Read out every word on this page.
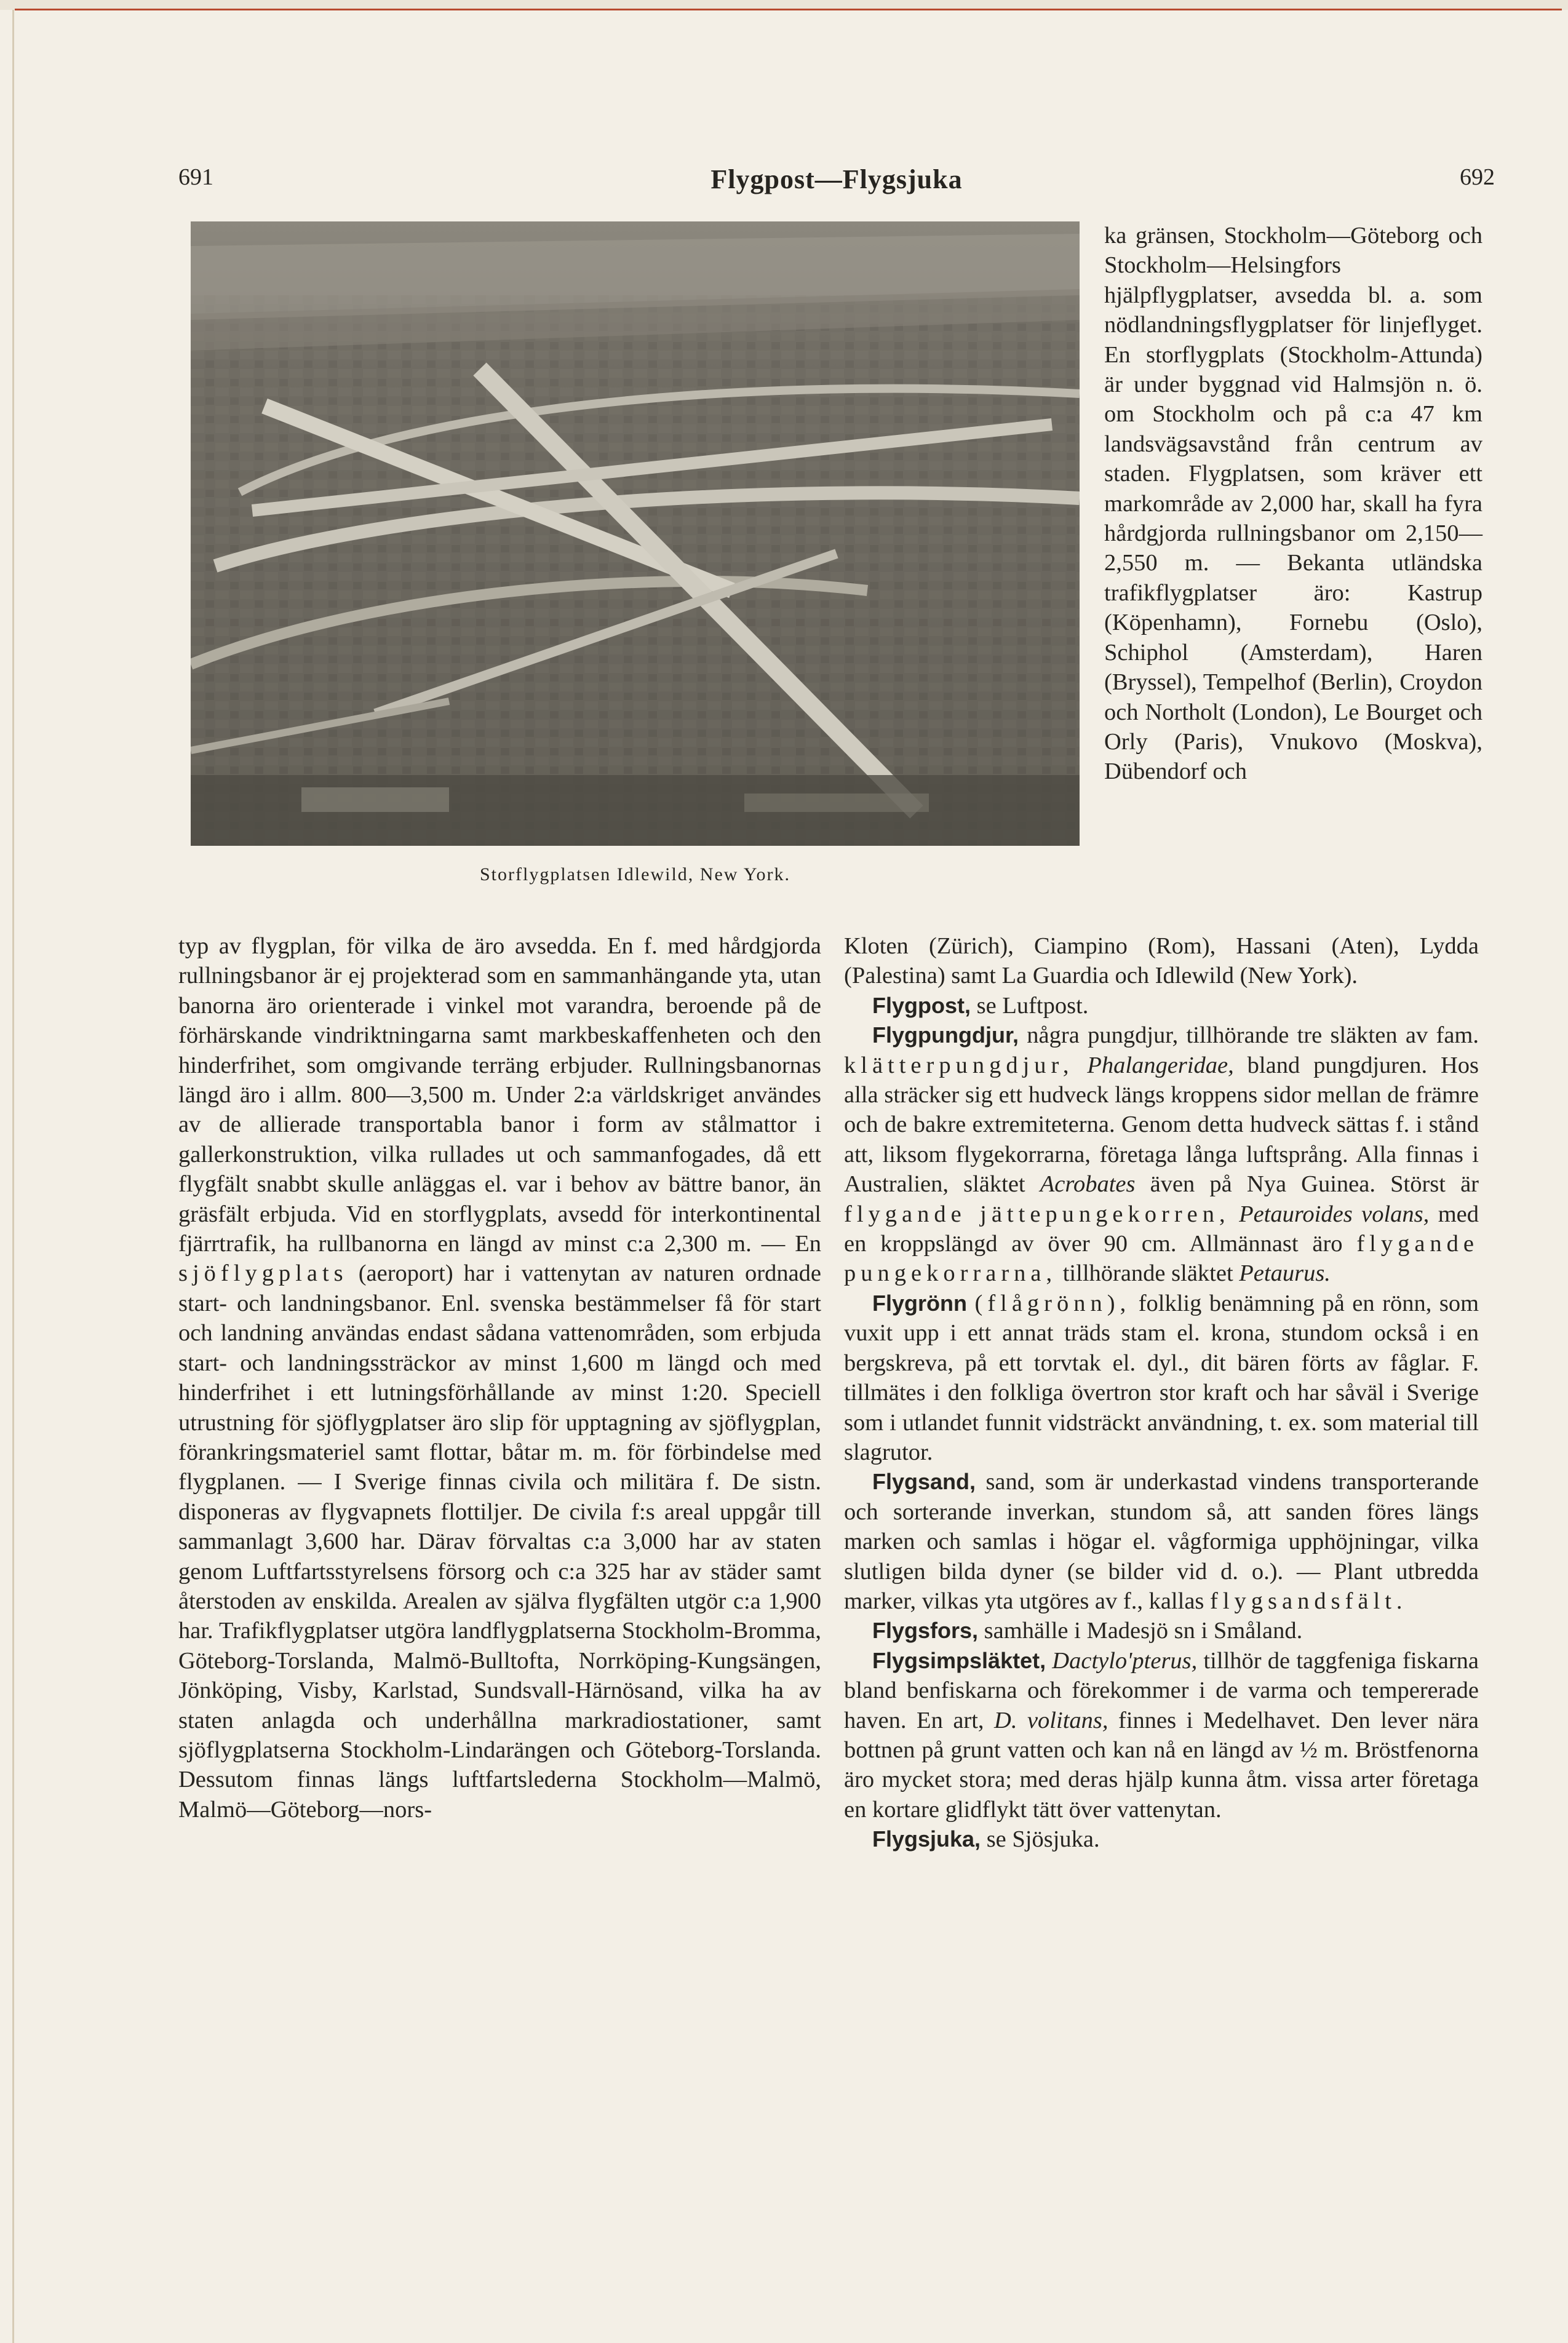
691	Flygpost—Flygsjuka	692
Storflygplatsen Idlewild, New York.

ka gränsen, Stockholm—Göteborg och Stockholm—Helsingfors hjälpflygplatser, avsedda bl. a. som nödlandningsflygplatser för linjeflyget. En storflygplats (Stockholm-Attunda) är under byggnad vid Halmsjön n. ö. om Stockholm och på c:a 47 km landsvägsavstånd från centrum av staden. Flygplatsen, som kräver ett markområde av 2,000 har, skall ha fyra hårdgjorda rullningsbanor om 2,150—2,550 m. — Bekanta utländska trafikflygplatser äro: Kastrup (Köpenhamn), Fornebu (Oslo), Schiphol (Amsterdam), Haren (Bryssel), Tempelhof (Berlin), Croydon och Northolt (London), Le Bourget och Orly (Paris), Vnukovo (Moskva), Dübendorf och

typ av flygplan, för vilka de äro avsedda. En f. med hårdgjorda rullningsbanor är ej projekterad som en sammanhängande yta, utan banorna äro orienterade i vinkel mot varandra, beroende på de förhärskande vindriktningarna samt markbeskaffenheten och den hinderfrihet, som omgivande terräng erbjuder. Rullningsbanornas längd äro i allm. 800—3,500 m. Under 2:a världskriget användes av de allierade transportabla banor i form av stålmattor i gallerkonstruktion, vilka rullades ut och sammanfogades, då ett flygfält snabbt skulle anläggas el. var i behov av bättre banor, än gräsfält erbjuda. Vid en storflygplats, avsedd för interkontinental fjärrtrafik, ha rullbanorna en längd av minst c:a 2,300 m. — En sjöflygplats (aeroport) har i vattenytan av naturen ordnade start- och landningsbanor. Enl. svenska bestämmelser få för start och landning användas endast sådana vattenområden, som erbjuda start- och landningssträckor av minst 1,600 m längd och med hinderfrihet i ett lutningsförhållande av minst 1:20. Speciell utrustning för sjöflygplatser äro slip för upptagning av sjöflygplan, förankringsmateriel samt flottar, båtar m. m. för förbindelse med flygplanen. — I Sverige finnas civila och militära f. De sistn. disponeras av flygvapnets flottiljer. De civila f:s areal uppgår till sammanlagt 3,600 har. Därav förvaltas c:a 3,000 har av staten genom Luftfartsstyrelsens försorg och c:a 325 har av städer samt återstoden av enskilda. Arealen av själva flygfälten utgör c:a 1,900 har. Trafikflygplatser utgöra landflygplatserna Stockholm-Bromma, Göteborg-Torslanda, Malmö-Bulltofta, Norrköping-Kungsängen, Jönköping, Visby, Karlstad, Sundsvall-Härnösand, vilka ha av staten anlagda och underhållna markradiostationer, samt sjöflygplatserna Stockholm-Lindarängen och Göteborg-Torslanda. Dessutom finnas längs luftfartslederna Stockholm—Malmö, Malmö—Göteborg—nors-

Kloten (Zürich), Ciampino (Rom), Hassani (Aten), Lydda (Palestina) samt La Guardia och Idlewild (New York).

Flygpost, se Luftpost.

Flygpungdjur, några pungdjur, tillhörande tre släkten av fam. klätterpungdjur, Phalangeridae, bland pungdjuren. Hos alla sträcker sig ett hudveck längs kroppens sidor mellan de främre och de bakre extremiteterna. Genom detta hudveck sättas f. i stånd att, liksom flygekorrarna, företaga långa luftsprång. Alla finnas i Australien, släktet Acrobates även på Nya Guinea. Störst är flygande jättepungekorren, Petauroides volans, med en kroppslängd av över 90 cm. Allmännast äro flygande pungekorrarna, tillhörande släktet Petaurus.

Flygrönn (flågrönn), folklig benämning på en rönn, som vuxit upp i ett annat träds stam el. krona, stundom också i en bergskreva, på ett torvtak el. dyl., dit bären förts av fåglar. F. tillmätes i den folkliga övertron stor kraft och har såväl i Sverige som i utlandet funnit vidsträckt användning, t. ex. som material till slagrutor.

Flygsand, sand, som är underkastad vindens transporterande och sorterande inverkan, stundom så, att sanden föres längs marken och samlas i högar el. vågformiga upphöjningar, vilka slutligen bilda dyner (se bilder vid d. o.). — Plant utbredda marker, vilkas yta utgöres av f., kallas flygsandsfält.

Flygsfors, samhälle i Madesjö sn i Småland.

Flygsimpsläktet, Dactylo'pterus, tillhör de taggfeniga fiskarna bland benfiskarna och förekommer i de varma och tempererade haven. En art, D. volitans, finnes i Medelhavet. Den lever nära bottnen på grunt vatten och kan nå en längd av ½ m. Bröstfenorna äro mycket stora; med deras hjälp kunna åtm. vissa arter företaga en kortare glidflykt tätt över vattenytan.

Flygsjuka, se Sjösjuka.
